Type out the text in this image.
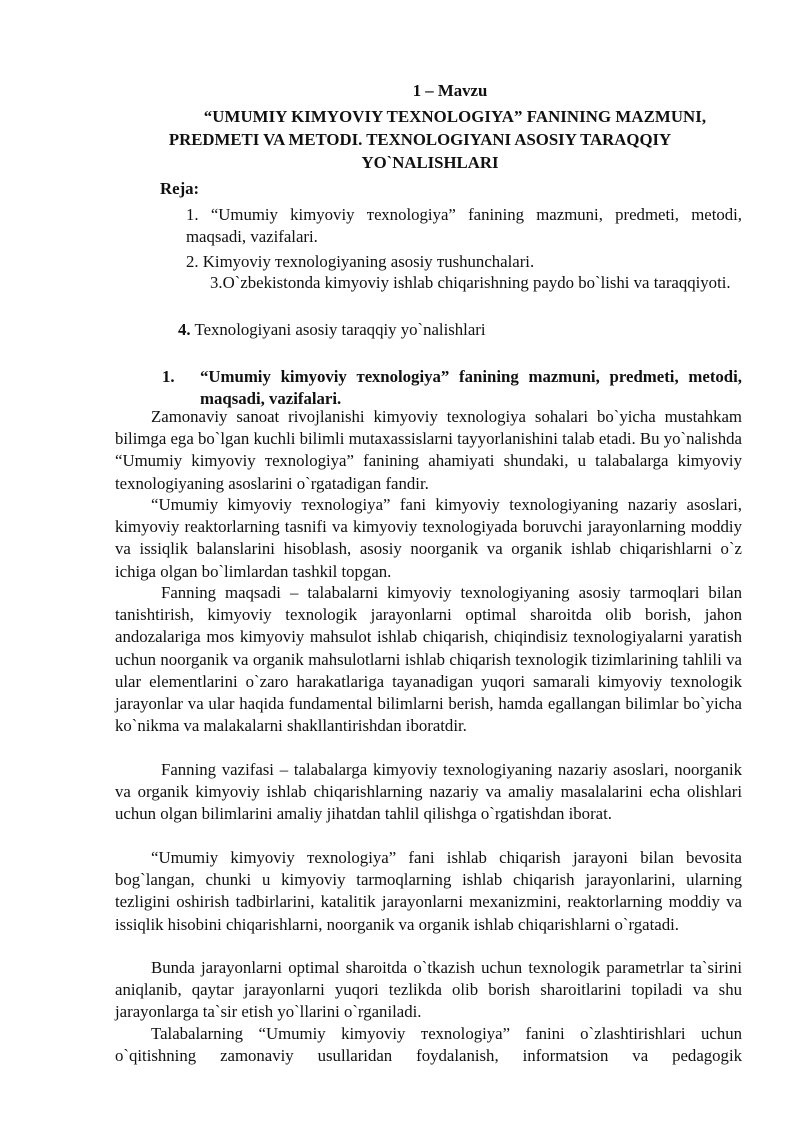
1 – Mavzu
“UMUMIY KIMYOVIY TEXNOLOGIYA” FANINING MAZMUNI,
PREDMETI VA METODI. TEXNOLOGIYANI ASOSIY TARAQQIY
YO`NALISHLARI
Reja:
1. “Umumiy kimyoviy техnologiya” fanining mazmuni, predmeti, metodi, maqsadi, vazifalari.
2. Kimyoviy техnologiyaning asosiy тushunchalari.
3.O`zbekistonda kimyoviy ishlab chiqarishning paydo bo`lishi va taraqqiyoti.
4. Texnologiyani asosiy taraqqiy yo`nalishlari
1.	“Umumiy kimyoviy техnologiya” fanining mazmuni, predmeti, metodi, maqsadi, vazifalari.
Zamonaviy sanoat rivojlanishi kimyoviy texnologiya sohalari bo`yicha mustahkam bilimga ega bo`lgan kuchli bilimli mutaxassislarni tayyorlanishini talab etadi. Bu yo`nalishda “Umumiy kimyoviy техnologiya” fanining ahamiyati shundaki, u talabalarga kimyoviy texnologiyaning asoslarini o`rgatadigan fandir.
“Umumiy kimyoviy техnologiya” fani kimyoviy texnologiyaning nazariy asoslari, kimyoviy reaktorlarning tasnifi va kimyoviy texnologiyada boruvchi jarayonlarning moddiy va issiqlik balanslarini hisoblash, asosiy noorganik va organik ishlab chiqarishlarni o`z ichiga olgan bo`limlardan tashkil topgan.
Fanning maqsadi – talabalarni kimyoviy texnologiyaning asosiy tarmoqlari bilan tanishtirish, kimyoviy texnologik jarayonlarni optimal sharoitda olib borish, jahon andozalariga mos kimyoviy mahsulot ishlab chiqarish, chiqindisiz texnologiyalarni yaratish uchun noorganik va organik mahsulotlarni ishlab chiqarish texnologik tizimlarining tahlili va ular elementlarini o`zaro harakatlariga tayanadigan yuqori samarali kimyoviy texnologik jarayonlar va ular haqida fundamental bilimlarni berish, hamda egallangan bilimlar bo`yicha ko`nikma va malakalarni shakllantirishdan iboratdir.
Fanning vazifasi – talabalarga kimyoviy texnologiyaning nazariy asoslari, noorganik va organik kimyoviy ishlab chiqarishlarning nazariy va amaliy masalalarini echa olishlari uchun olgan bilimlarini amaliy jihatdan tahlil qilishga o`rgatishdan iborat.
“Umumiy kimyoviy техnologiya” fani ishlab chiqarish jarayoni bilan bevosita bog`langan, chunki u kimyoviy tarmoqlarning ishlab chiqarish jarayonlarini, ularning tezligini oshirish tadbirlarini, katalitik jarayonlarni mexanizmini, reaktorlarning moddiy va issiqlik hisobini chiqarishlarni, noorganik va organik ishlab chiqarishlarni o`rgatadi.
Bunda jarayonlarni optimal sharoitda o`tkazish uchun texnologik parametrlar ta`sirini aniqlanib, qaytar jarayonlarni yuqori tezlikda olib borish sharoitlarini topiladi va shu jarayonlarga ta`sir etish yo`llarini o`rganiladi.
Talabalarning “Umumiy kimyoviy техnologiya” fanini o`zlashtirishlari uchun o`qitishning zamonaviy usullaridan foydalanish, informatsion va pedagogik
